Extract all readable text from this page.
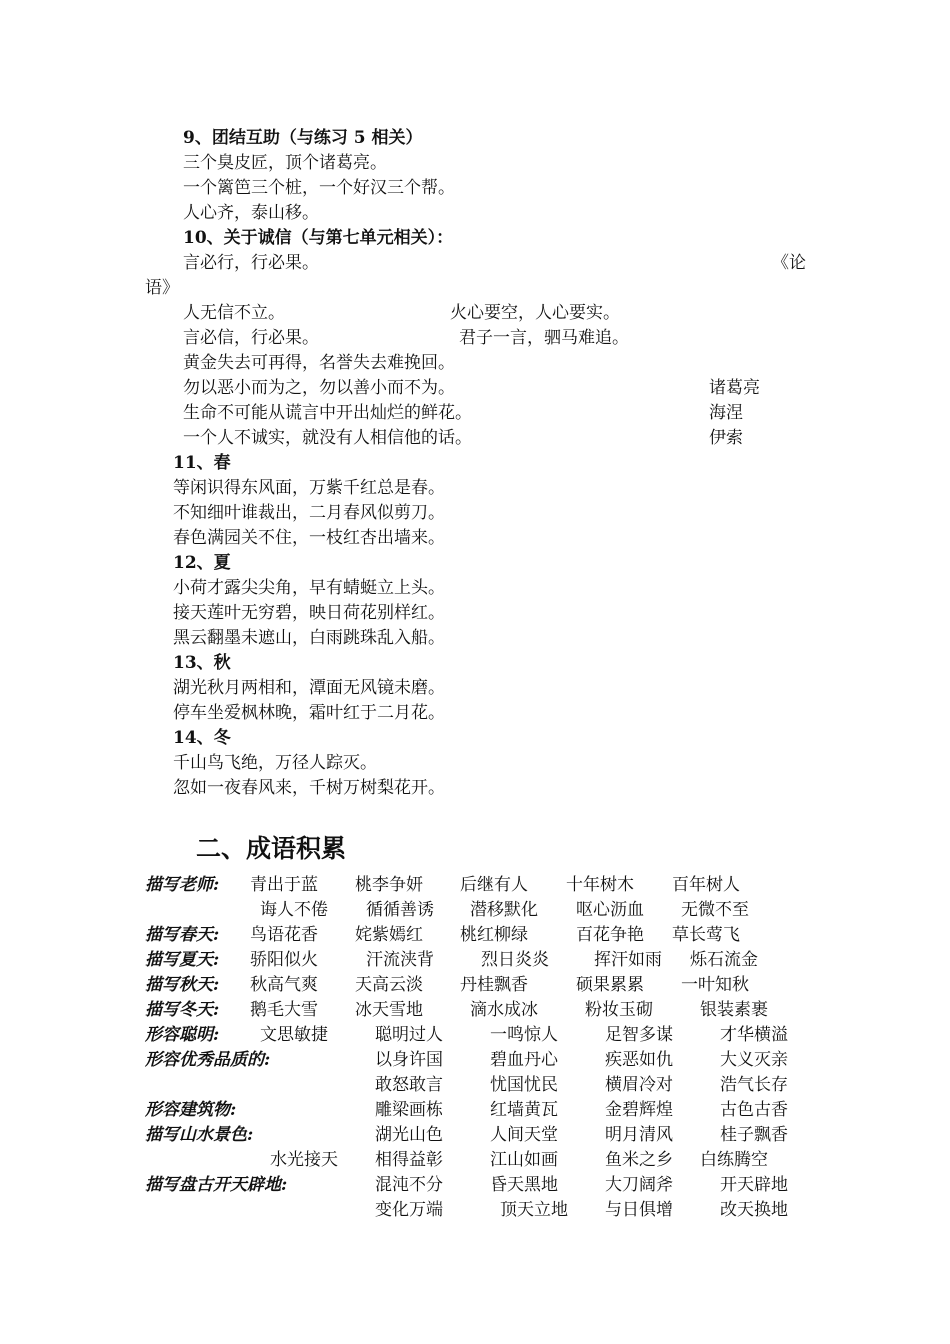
9、团结互助（与练习 5 相关）
三个臭皮匠，顶个诸葛亮。
一个篱笆三个桩，一个好汉三个帮。
人心齐，泰山移。
10、关于诚信（与第七单元相关）：
言必行，行必果。	《论
语》
人无信不立。	火心要空，人心要实。
言必信，行必果。	君子一言，驷马难追。
黄金失去可再得，名誉失去难挽回。
勿以恶小而为之，勿以善小而不为。	诸葛亮
生命不可能从谎言中开出灿烂的鲜花。	海涅
一个人不诚实，就没有人相信他的话。	伊索
11、春
等闲识得东风面，万紫千红总是春。
不知细叶谁裁出，二月春风似剪刀。
春色满园关不住，一枝红杏出墙来。
12、夏
小荷才露尖尖角，早有蜻蜓立上头。
接天莲叶无穷碧，映日荷花别样红。
黑云翻墨未遮山，白雨跳珠乱入船。
13、秋
湖光秋月两相和，潭面无风镜未磨。
停车坐爱枫林晚，霜叶红于二月花。
14、冬
千山鸟飞绝，万径人踪灭。
忽如一夜春风来，千树万树梨花开。
二、成语积累
描写老师: 青出于蓝 桃李争妍 后继有人 十年树木 百年树人
诲人不倦 循循善诱 潜移默化 呕心沥血 无微不至
描写春天: 鸟语花香 姹紫嫣红 桃红柳绿	百花争艳 草长莺飞
描写夏天: 骄阳似火	汗流浃背	烈日炎炎	挥汗如雨 烁石流金
描写秋天: 秋高气爽 天高云淡 丹桂飘香	硕果累累 一叶知秋
描写冬天: 鹅毛大雪 冰天雪地	滴水成冰	粉妆玉砌	银装素裹
形容聪明: 文思敏捷	聪明过人	一鸣惊人	足智多谋	才华横溢
形容优秀品质的:	以身许国	碧血丹心	疾恶如仇	大义灭亲
敢怒敢言	忧国忧民	横眉冷对	浩气长存
形容建筑物:	雕梁画栋	红墙黄瓦	金碧辉煌	古色古香
描写山水景色:	湖光山色	人间天堂	明月清风	桂子飘香
水光接天 相得益彰	江山如画	鱼米之乡 白练腾空
描写盘古开天辟地:	混沌不分	昏天黑地	大刀阔斧	开天辟地
变化万端	顶天立地 与日俱增	改天换地
